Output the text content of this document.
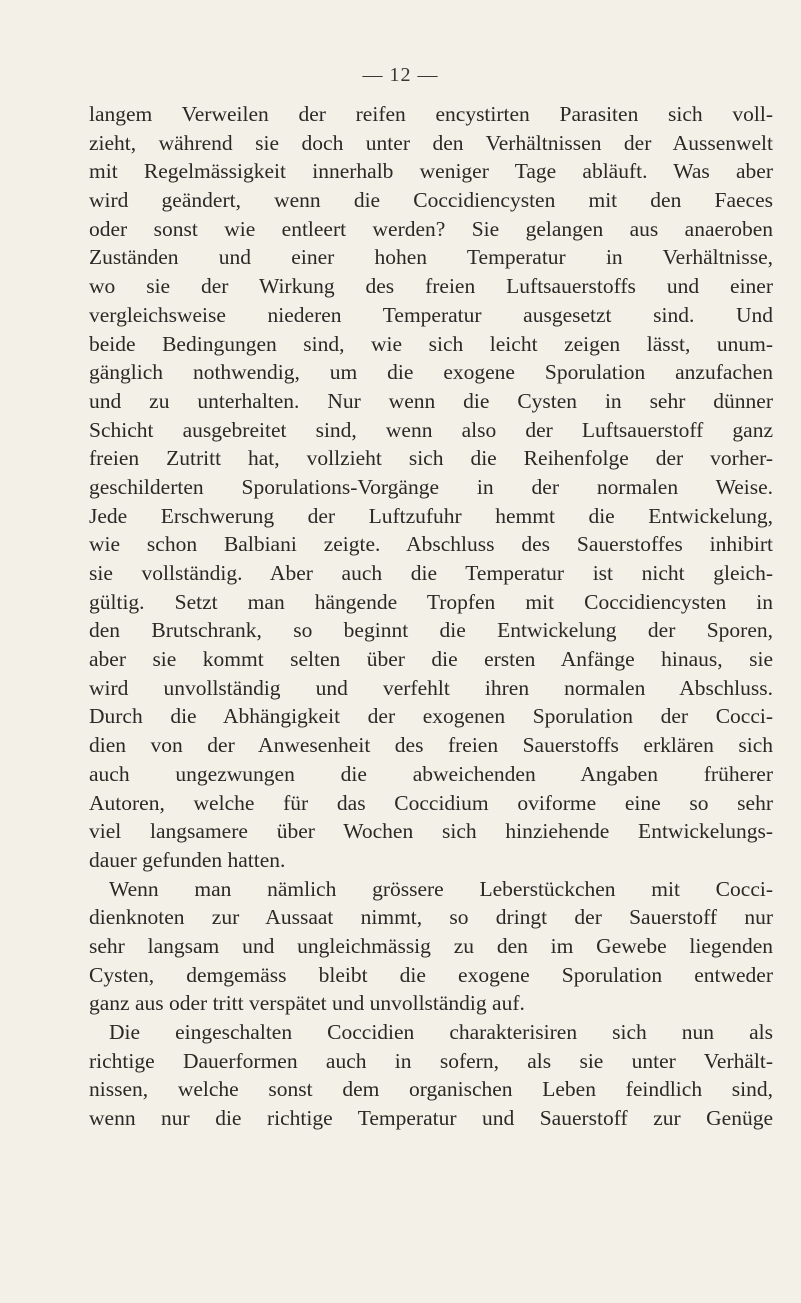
— 12 —
langem Verweilen der reifen encystirten Parasiten sich voll-
zieht, während sie doch unter den Verhältnissen der Aussenwelt
mit Regelmässigkeit innerhalb weniger Tage abläuft. Was aber
wird geändert, wenn die Coccidiencysten mit den Faeces
oder sonst wie entleert werden? Sie gelangen aus anaeroben
Zuständen und einer hohen Temperatur in Verhältnisse,
wo sie der Wirkung des freien Luftsauerstoffs und einer
vergleichsweise niederen Temperatur ausgesetzt sind. Und
beide Bedingungen sind, wie sich leicht zeigen lässt, unum-
gänglich nothwendig, um die exogene Sporulation anzufachen
und zu unterhalten. Nur wenn die Cysten in sehr dünner
Schicht ausgebreitet sind, wenn also der Luftsauerstoff ganz
freien Zutritt hat, vollzieht sich die Reihenfolge der vorher-
geschilderten Sporulations-Vorgänge in der normalen Weise.
Jede Erschwerung der Luftzufuhr hemmt die Entwickelung,
wie schon Balbiani zeigte. Abschluss des Sauerstoffes inhibirt
sie vollständig. Aber auch die Temperatur ist nicht gleich-
gültig. Setzt man hängende Tropfen mit Coccidiencysten in
den Brutschrank, so beginnt die Entwickelung der Sporen,
aber sie kommt selten über die ersten Anfänge hinaus, sie
wird unvollständig und verfehlt ihren normalen Abschluss.
Durch die Abhängigkeit der exogenen Sporulation der Cocci-
dien von der Anwesenheit des freien Sauerstoffs erklären sich
auch ungezwungen die abweichenden Angaben früherer
Autoren, welche für das Coccidium oviforme eine so sehr
viel langsamere über Wochen sich hinziehende Entwickelungs-
dauer gefunden hatten.
Wenn man nämlich grössere Leberstückchen mit Cocci-
dienknoten zur Aussaat nimmt, so dringt der Sauerstoff nur
sehr langsam und ungleichmässig zu den im Gewebe liegenden
Cysten, demgemäss bleibt die exogene Sporulation entweder
ganz aus oder tritt verspätet und unvollständig auf.
Die eingeschalten Coccidien charakterisiren sich nun als
richtige Dauerformen auch in sofern, als sie unter Verhält-
nissen, welche sonst dem organischen Leben feindlich sind,
wenn nur die richtige Temperatur und Sauerstoff zur Genüge
